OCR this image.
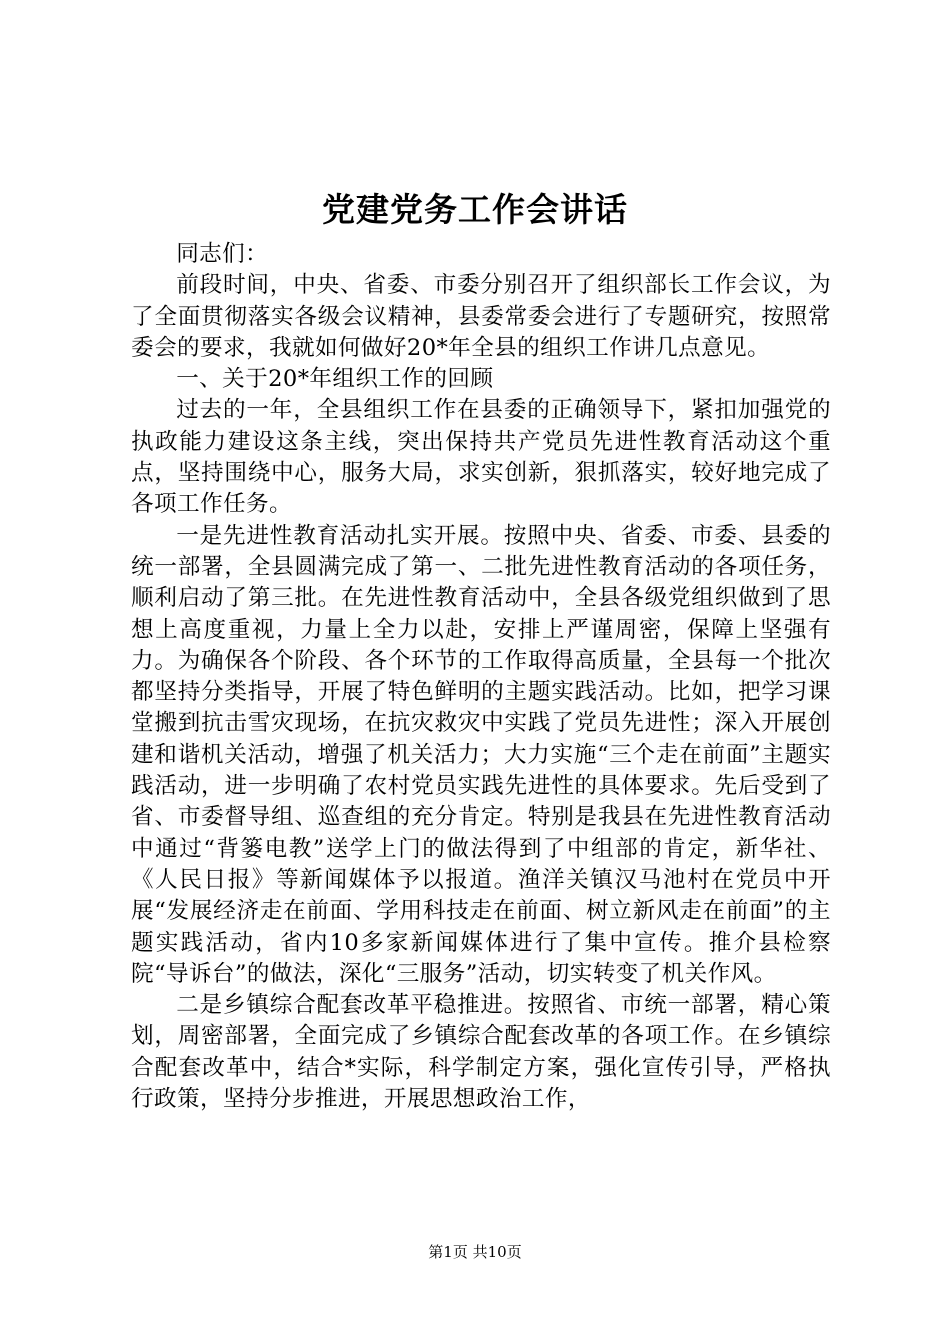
党建党务工作会讲话

同志们：

前段时间，中央、省委、市委分别召开了组织部长工作会议，为了全面贯彻落实各级会议精神，县委常委会进行了专题研究，按照常委会的要求，我就如何做好20*年全县的组织工作讲几点意见。

一、关于20*年组织工作的回顾

过去的一年，全县组织工作在县委的正确领导下，紧扣加强党的执政能力建设这条主线，突出保持共产党员先进性教育活动这个重点，坚持围绕中心，服务大局，求实创新，狠抓落实，较好地完成了各项工作任务。

一是先进性教育活动扎实开展。按照中央、省委、市委、县委的统一部署，全县圆满完成了第一、二批先进性教育活动的各项任务，顺利启动了第三批。在先进性教育活动中，全县各级党组织做到了思想上高度重视，力量上全力以赴，安排上严谨周密，保障上坚强有力。为确保各个阶段、各个环节的工作取得高质量，全县每一个批次都坚持分类指导，开展了特色鲜明的主题实践活动。比如，把学习课堂搬到抗击雪灾现场，在抗灾救灾中实践了党员先进性；深入开展创建和谐机关活动，增强了机关活力；大力实施“三个走在前面”主题实践活动，进一步明确了农村党员实践先进性的具体要求。先后受到了省、市委督导组、巡查组的充分肯定。特别是我县在先进性教育活动中通过“背篓电教”送学上门的做法得到了中组部的肯定，新华社、《人民日报》等新闻媒体予以报道。渔洋关镇汉马池村在党员中开展“发展经济走在前面、学用科技走在前面、树立新风走在前面”的主题实践活动，省内10多家新闻媒体进行了集中宣传。推介县检察院“导诉台”的做法，深化“三服务”活动，切实转变了机关作风。

二是乡镇综合配套改革平稳推进。按照省、市统一部署，精心策划，周密部署，全面完成了乡镇综合配套改革的各项工作。在乡镇综合配套改革中，结合*实际，科学制定方案，强化宣传引导，严格执行政策，坚持分步推进，开展思想政治工作，

第1页 共10页
